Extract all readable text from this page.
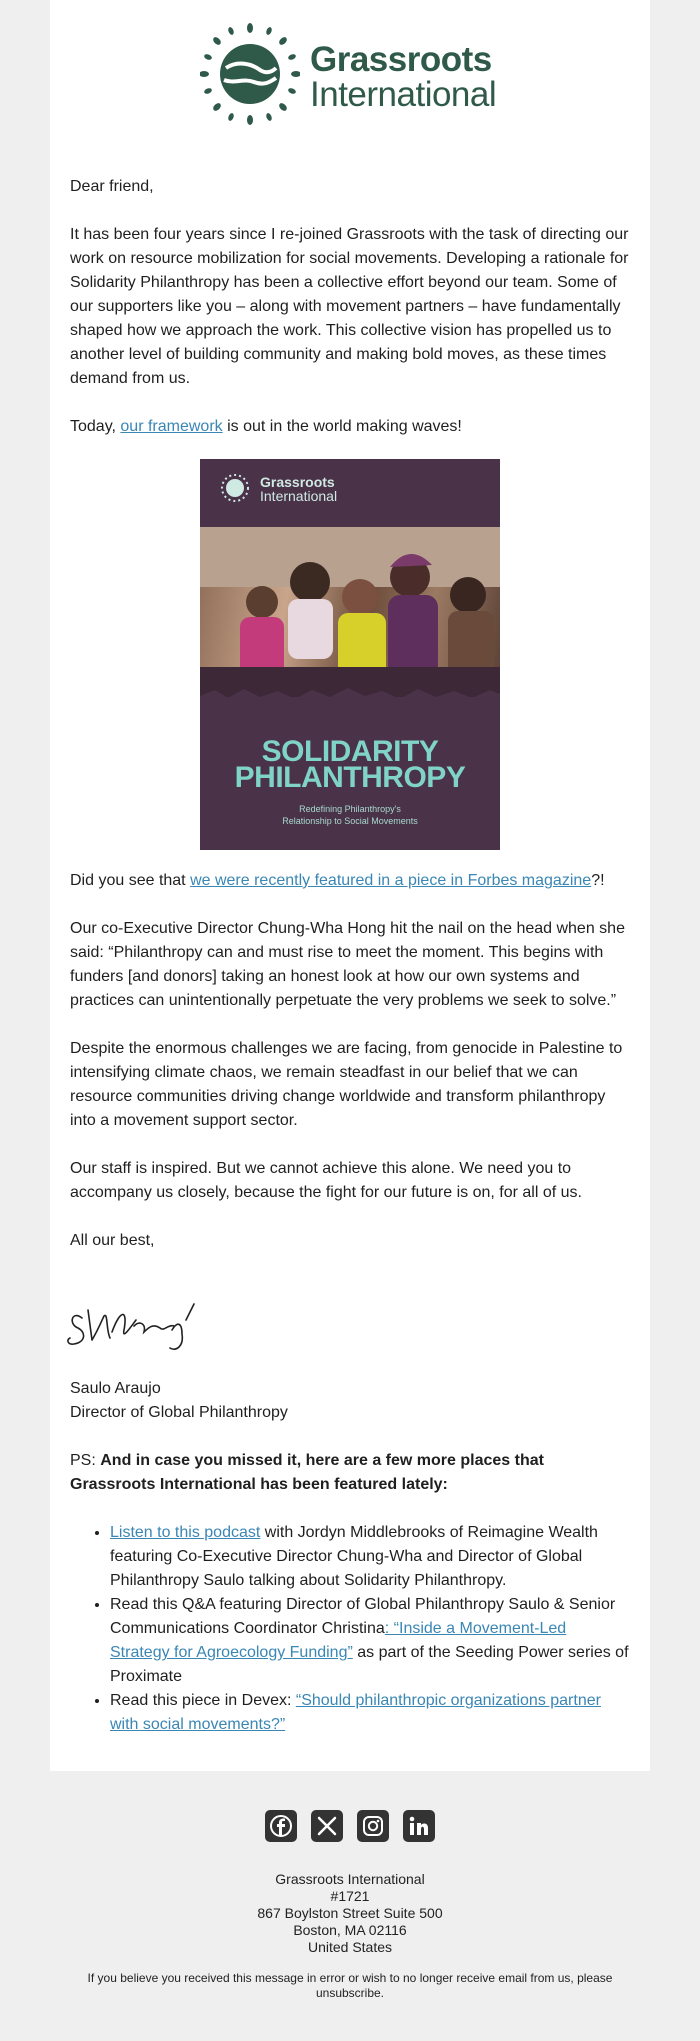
Grassroots
International

Dear friend,

It has been four years since I re-joined Grassroots with the task of directing our work on resource mobilization for social movements. Developing a rationale for Solidarity Philanthropy has been a collective effort beyond our team. Some of our supporters like you – along with movement partners – have fundamentally shaped how we approach the work. This collective vision has propelled us to another level of building community and making bold moves, as these times demand from us.

Today, our framework is out in the world making waves!

Grassroots
International
SOLIDARITY
PHILANTHROPY
Redefining Philanthropy's
Relationship to Social Movements

Did you see that we were recently featured in a piece in Forbes magazine?!

Our co-Executive Director Chung-Wha Hong hit the nail on the head when she said: “Philanthropy can and must rise to meet the moment. This begins with funders [and donors] taking an honest look at how our own systems and practices can unintentionally perpetuate the very problems we seek to solve.”

Despite the enormous challenges we are facing, from genocide in Palestine to intensifying climate chaos, we remain steadfast in our belief that we can resource communities driving change worldwide and transform philanthropy into a movement support sector.

Our staff is inspired. But we cannot achieve this alone. We need you to accompany us closely, because the fight for our future is on, for all of us.

All our best,

Saulo Araujo

Director of Global Philanthropy

PS: And in case you missed it, here are a few more places that Grassroots International has been featured lately:

• Listen to this podcast with Jordyn Middlebrooks of Reimagine Wealth featuring Co-Executive Director Chung-Wha and Director of Global Philanthropy Saulo talking about Solidarity Philanthropy.
• Read this Q&A featuring Director of Global Philanthropy Saulo & Senior Communications Coordinator Christina: “Inside a Movement-Led Strategy for Agroecology Funding” as part of the Seeding Power series of Proximate
• Read this piece in Devex: “Should philanthropic organizations partner with social movements?”
Grassroots International
#1721
867 Boylston Street Suite 500
Boston, MA 02116
United States
If you believe you received this message in error or wish to no longer receive email from us, please unsubscribe.
